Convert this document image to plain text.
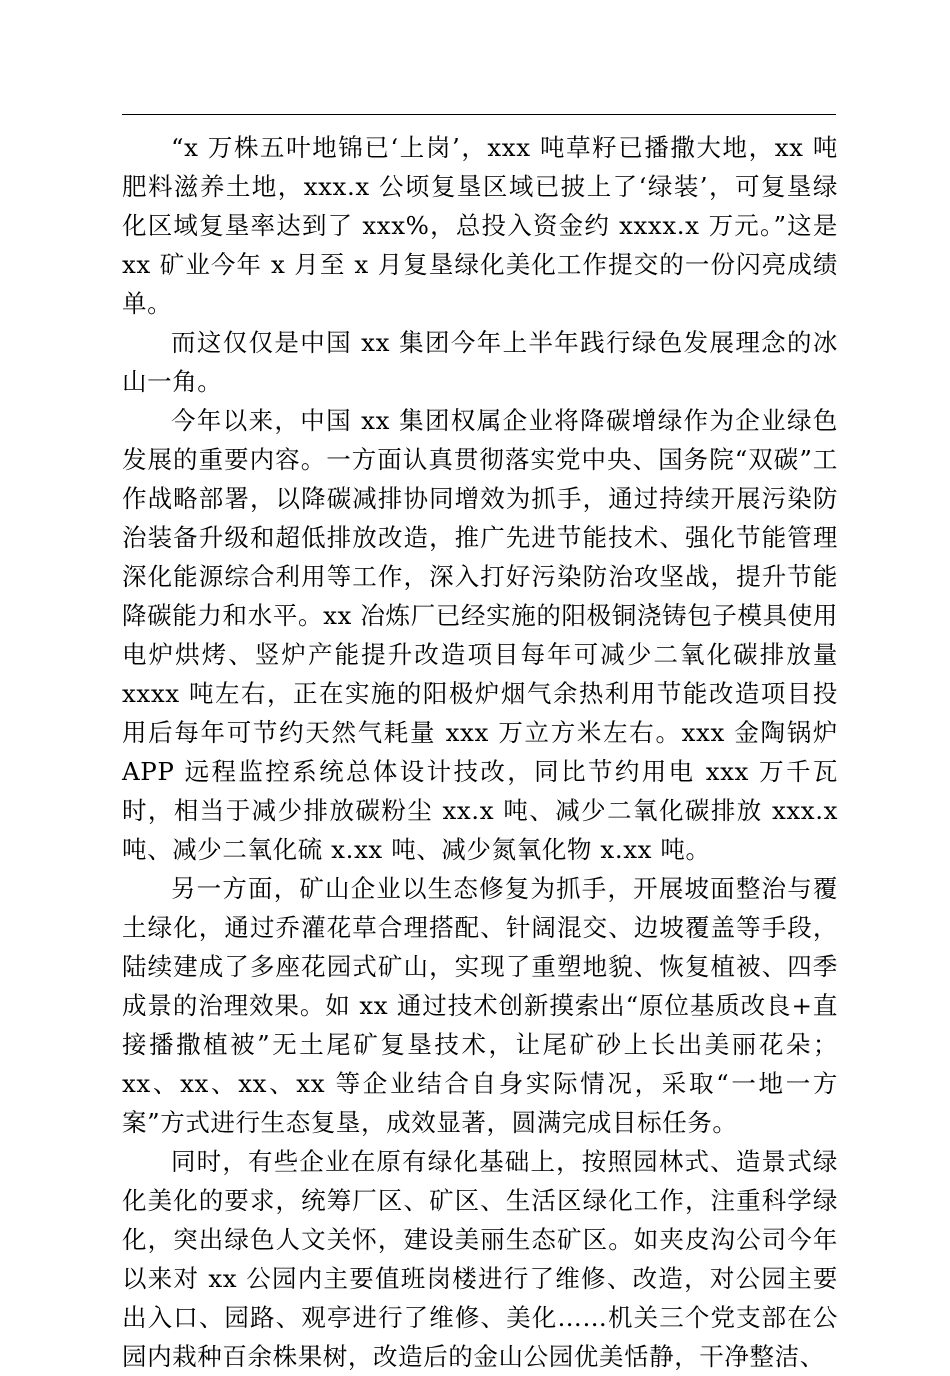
“x 万株五叶地锦已‘上岗’，xxx 吨草籽已播撒大地，xx 吨肥料滋养土地，xxx.x 公顷复垦区域已披上了‘绿装’，可复垦绿化区域复垦率达到了 xxx%，总投入资金约 xxxx.x 万元。”这是 xx 矿业今年 x 月至 x 月复垦绿化美化工作提交的一份闪亮成绩单。

而这仅仅是中国 xx 集团今年上半年践行绿色发展理念的冰山一角。

今年以来，中国 xx 集团权属企业将降碳增绿作为企业绿色发展的重要内容。一方面认真贯彻落实党中央、国务院“双碳”工作战略部署，以降碳减排协同增效为抓手，通过持续开展污染防治装备升级和超低排放改造，推广先进节能技术、强化节能管理深化能源综合利用等工作，深入打好污染防治攻坚战，提升节能降碳能力和水平。xx 冶炼厂已经实施的阳极铜浇铸包子模具使用电炉烘烤、竖炉产能提升改造项目每年可减少二氧化碳排放量 xxxx 吨左右，正在实施的阳极炉烟气余热利用节能改造项目投用后每年可节约天然气耗量 xxx 万立方米左右。xxx 金陶锅炉 APP 远程监控系统总体设计技改，同比节约用电 xxx 万千瓦时，相当于减少排放碳粉尘 xx.x 吨、减少二氧化碳排放 xxx.x 吨、减少二氧化硫 x.xx 吨、减少氮氧化物 x.xx 吨。

另一方面，矿山企业以生态修复为抓手，开展坡面整治与覆土绿化，通过乔灌花草合理搭配、针阔混交、边坡覆盖等手段，陆续建成了多座花园式矿山，实现了重塑地貌、恢复植被、四季成景的治理效果。如 xx 通过技术创新摸索出“原位基质改良+直接播撒植被”无土尾矿复垦技术，让尾矿砂上长出美丽花朵；xx、xx、xx、xx 等企业结合自身实际情况，采取“一地一方案”方式进行生态复垦，成效显著，圆满完成目标任务。

同时，有些企业在原有绿化基础上，按照园林式、造景式绿化美化的要求，统筹厂区、矿区、生活区绿化工作，注重科学绿化，突出绿色人文关怀，建设美丽生态矿区。如夹皮沟公司今年以来对 xx 公园内主要值班岗楼进行了维修、改造，对公园主要出入口、园路、观亭进行了维修、美化……机关三个党支部在公园内栽种百余株果树，改造后的金山公园优美恬静，干净整洁、
